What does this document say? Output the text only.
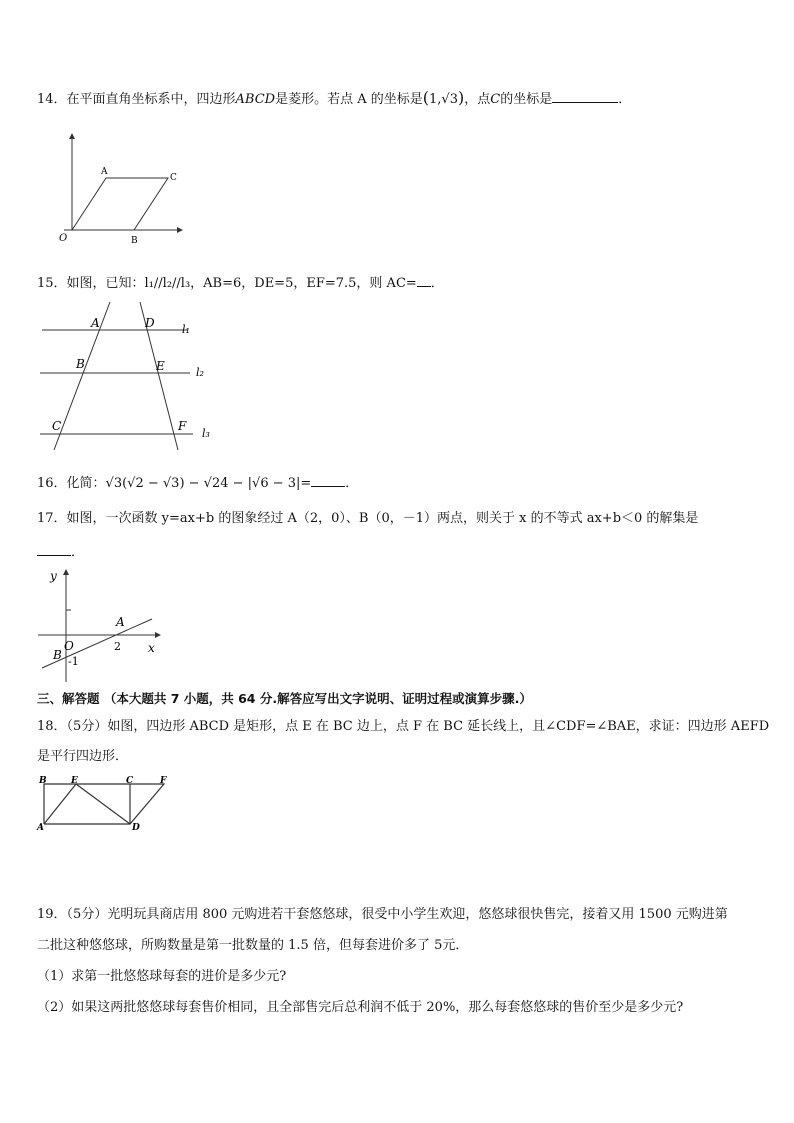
14．在平面直角坐标系中，四边形ABCD是菱形。若点 A 的坐标是(1,√3)，点C的坐标是	．
A
C
B
O
15．如图，已知：l₁//l₂//l₃，AB=6，DE=5，EF=7.5，则 AC= ．
A	D
B	E
C	F
l₁
l₂
l₃
16．化简：√3(√2 − √3) − √24 − |√6 − 3|=	．
17．如图，一次函数 y=ax+b 的图象经过 A（2，0）、B（0，－1）两点，则关于 x 的不等式 ax+b＜0 的解集是
．
y
x
O
A
2
B -1
三、解答题 （本大题共 7 小题，共 64 分.解答应写出文字说明、证明过程或演算步骤.）
18．（5分）如图，四边形 ABCD 是矩形，点 E 在 BC 边上，点 F 在 BC 延长线上，且∠CDF=∠BAE，求证：四边形 AEFD
是平行四边形．
B	E	C	F
A	D
19．（5分）光明玩具商店用 800 元购进若干套悠悠球，很受中小学生欢迎，悠悠球很快售完，接着又用 1500 元购进第
二批这种悠悠球，所购数量是第一批数量的 1.5 倍，但每套进价多了 5元．
（1）求第一批悠悠球每套的进价是多少元?
（2）如果这两批悠悠球每套售价相同，且全部售完后总利润不低于 20%，那么每套悠悠球的售价至少是多少元?
